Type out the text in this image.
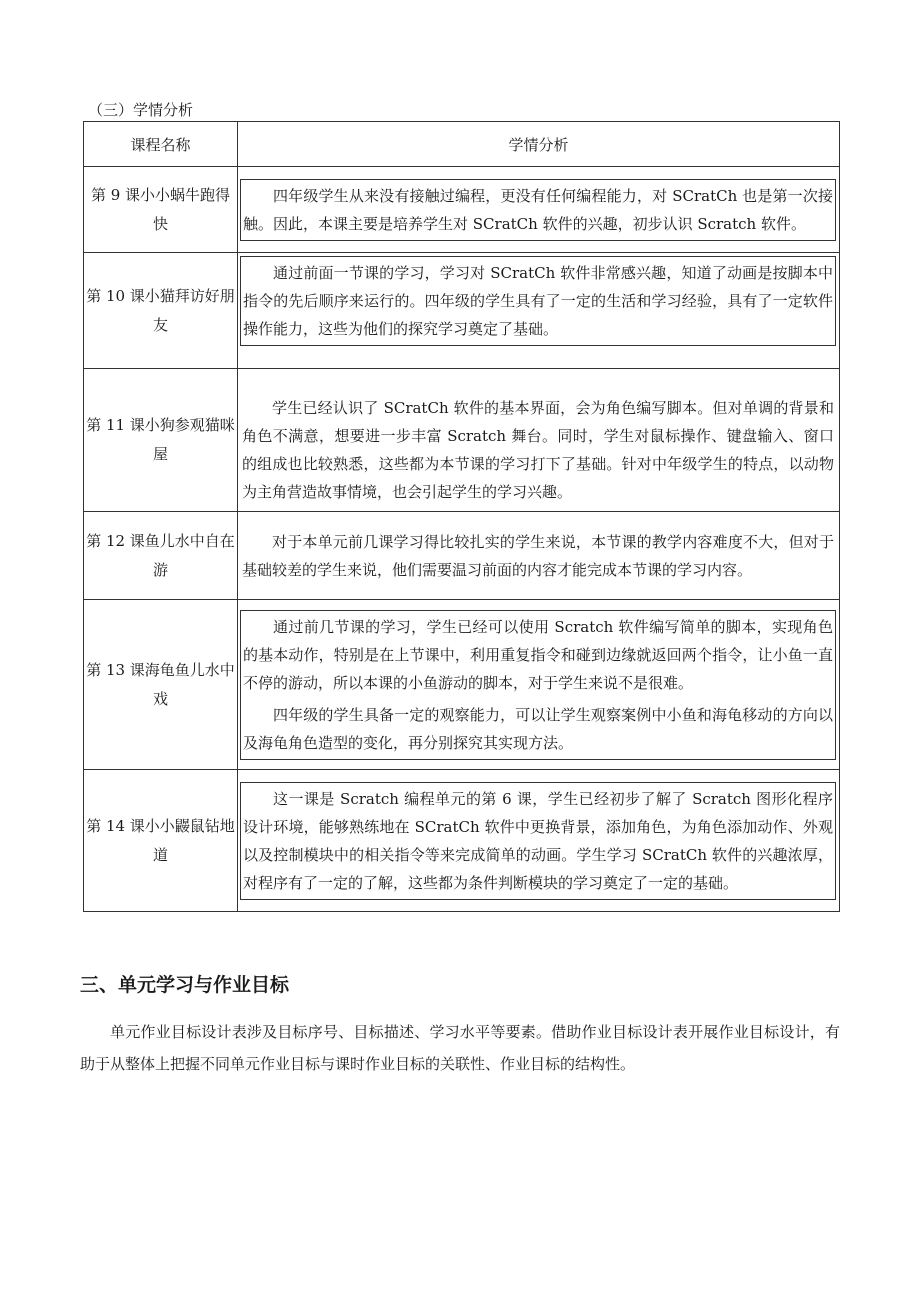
（三）学情分析
课程名称	学情分析
第 9 课小小蜗牛跑得快	四年级学生从来没有接触过编程，更没有任何编程能力，对 SCratCh 也是第一次接触。因此，本课主要是培养学生对 SCratCh 软件的兴趣，初步认识 Scratch 软件。

第 10 课小猫拜访好朋友	通过前面一节课的学习，学习对 SCratCh 软件非常感兴趣，知道了动画是按脚本中指令的先后顺序来运行的。四年级的学生具有了一定的生活和学习经验，具有了一定软件操作能力，这些为他们的探究学习奠定了基础。

第 11 课小狗参观猫咪屋	学生已经认识了 SCratCh 软件的基本界面，会为角色编写脚本。但对单调的背景和角色不满意，想要进一步丰富 Scratch 舞台。同时，学生对鼠标操作、键盘输入、窗口的组成也比较熟悉，这些都为本节课的学习打下了基础。针对中年级学生的特点，以动物为主角营造故事情境，也会引起学生的学习兴趣。

第 12 课鱼儿水中自在游	对于本单元前几课学习得比较扎实的学生来说，本节课的教学内容难度不大，但对于基础较差的学生来说，他们需要温习前面的内容才能完成本节课的学习内容。

第 13 课海龟鱼儿水中戏	通过前几节课的学习，学生已经可以使用 Scratch 软件编写简单的脚本，实现角色的基本动作，特别是在上节课中，利用重复指令和碰到边缘就返回两个指令，让小鱼一直不停的游动，所以本课的小鱼游动的脚本，对于学生来说不是很难。

四年级的学生具备一定的观察能力，可以让学生观察案例中小鱼和海龟移动的方向以及海龟角色造型的变化，再分别探究其实现方法。

第 14 课小小鼹鼠钻地道	这一课是 Scratch 编程单元的第 6 课，学生已经初步了解了 Scratch 图形化程序设计环境，能够熟练地在 SCratCh 软件中更换背景，添加角色，为角色添加动作、外观以及控制模块中的相关指令等来完成简单的动画。学生学习 SCratCh 软件的兴趣浓厚，对程序有了一定的了解，这些都为条件判断模块的学习奠定了一定的基础。

三、单元学习与作业目标

单元作业目标设计表涉及目标序号、目标描述、学习水平等要素。借助作业目标设计表开展作业目标设计，有助于从整体上把握不同单元作业目标与课时作业目标的关联性、作业目标的结构性。
